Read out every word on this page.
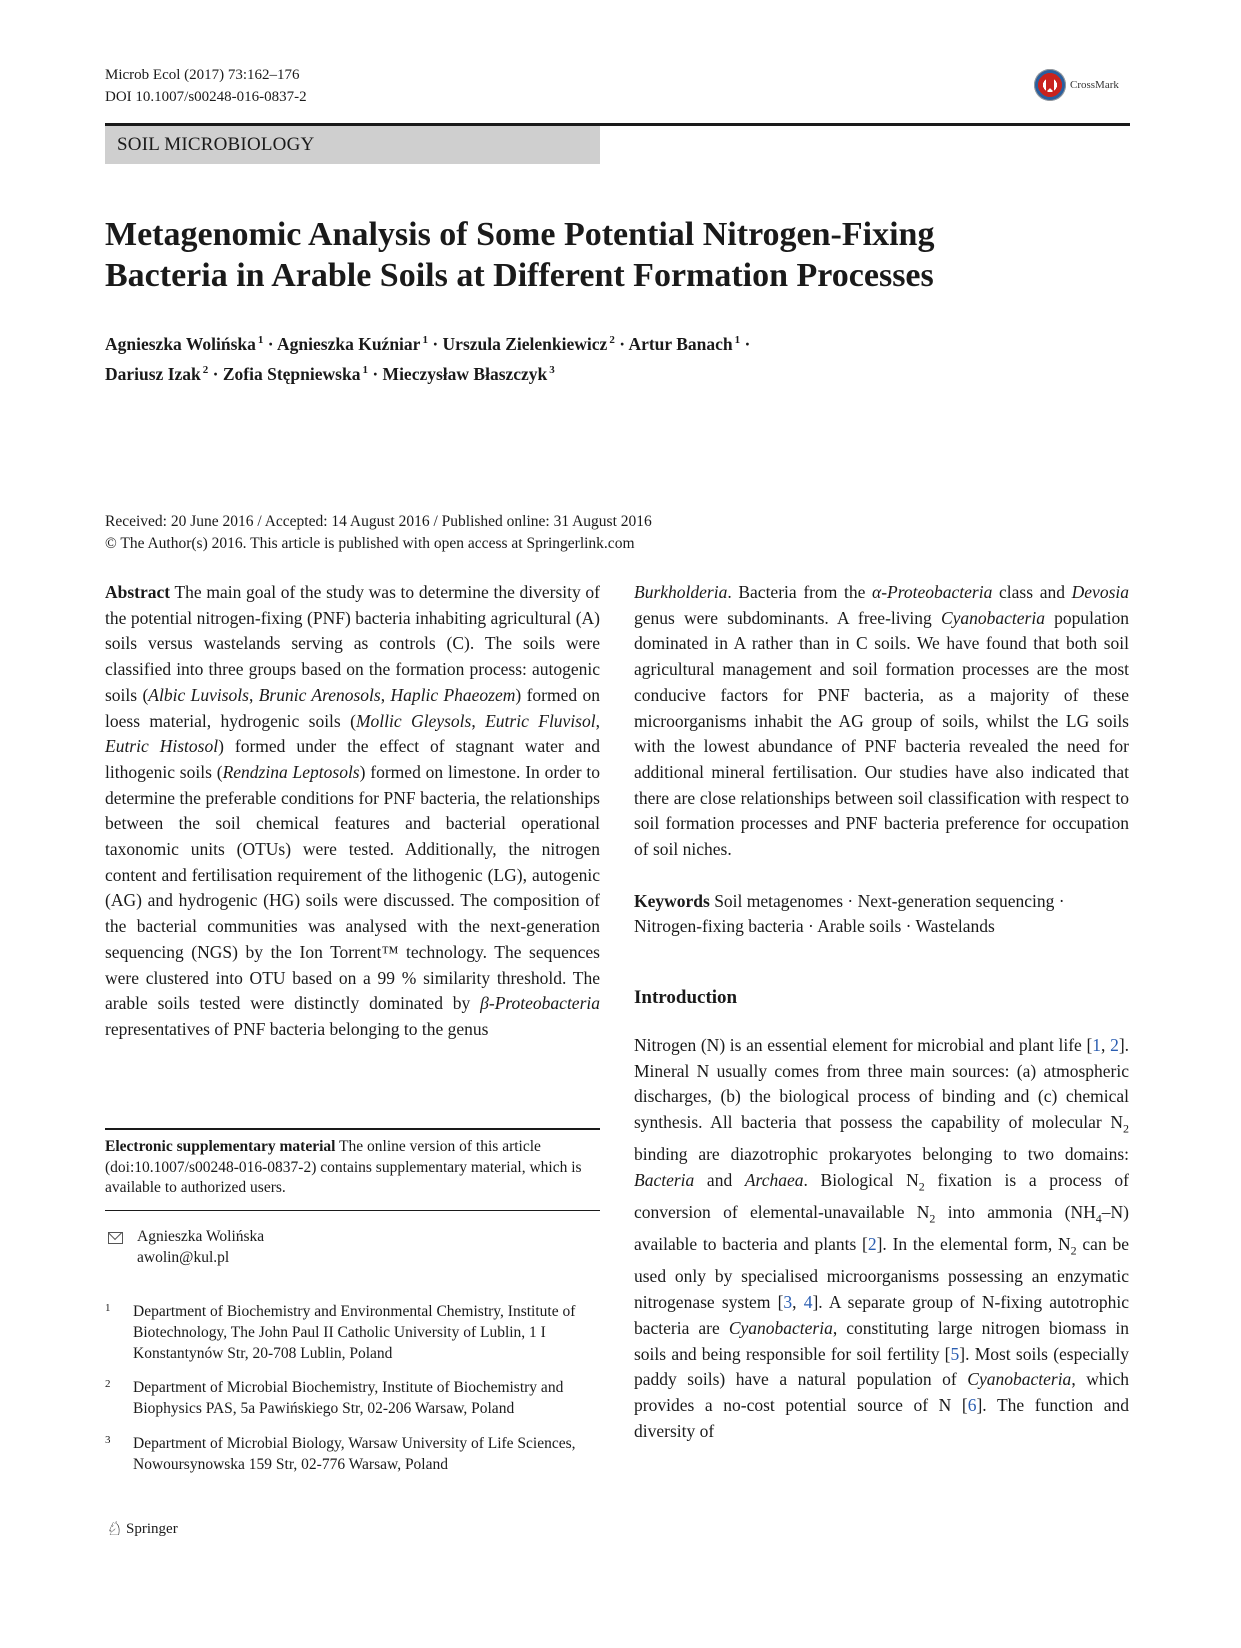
Microb Ecol (2017) 73:162–176
DOI 10.1007/s00248-016-0837-2
CrossMark
SOIL MICROBIOLOGY
Metagenomic Analysis of Some Potential Nitrogen-Fixing
Bacteria in Arable Soils at Different Formation Processes
Agnieszka Wolińska $^1$ · Agnieszka Kuźniar $^1$ · Urszula Zielenkiewicz $^2$ · Artur Banach $^1$ ·
Dariusz Izak $^2$ · Zofia Stępniewska $^1$ · Mieczysław Błaszczyk $^3$
Received: 20 June 2016 / Accepted: 14 August 2016 / Published online: 31 August 2016
© The Author(s) 2016. This article is published with open access at Springerlink.com

Abstract The main goal of the study was to determine the diversity of the potential nitrogen-fixing (PNF) bacteria inhabiting agricultural (A) soils versus wastelands serving as controls (C). The soils were classified into three groups based on the formation process: autogenic soils (Albic Luvisols, Brunic Arenosols, Haplic Phaeozem) formed on loess material, hydrogenic soils (Mollic Gleysols, Eutric Fluvisol, Eutric Histosol) formed under the effect of stagnant water and lithogenic soils (Rendzina Leptosols) formed on limestone. In order to determine the preferable conditions for PNF bacteria, the relationships between the soil chemical features and bacterial operational taxonomic units (OTUs) were tested. Additionally, the nitrogen content and fertilisation requirement of the lithogenic (LG), autogenic (AG) and hydrogenic (HG) soils were discussed. The composition of the bacterial communities was analysed with the next-generation sequencing (NGS) by the Ion Torrent™ technology. The sequences were clustered into OTU based on a 99 % similarity threshold. The arable soils tested were distinctly dominated by β-Proteobacteria representatives of PNF bacteria belonging to the genus

Burkholderia. Bacteria from the α-Proteobacteria class and Devosia genus were subdominants. A free-living Cyanobacteria population dominated in A rather than in C soils. We have found that both soil agricultural management and soil formation processes are the most conducive factors for PNF bacteria, as a majority of these microorganisms inhabit the AG group of soils, whilst the LG soils with the lowest abundance of PNF bacteria revealed the need for additional mineral fertilisation. Our studies have also indicated that there are close relationships between soil classification with respect to soil formation processes and PNF bacteria preference for occupation of soil niches.

Keywords Soil metagenomes · Next-generation sequencing · Nitrogen-fixing bacteria · Arable soils · Wastelands

Introduction

Nitrogen (N) is an essential element for microbial and plant life [1, 2]. Mineral N usually comes from three main sources: (a) atmospheric discharges, (b) the biological process of binding and (c) chemical synthesis. All bacteria that possess the capability of molecular $N_2$ binding are diazotrophic prokaryotes belonging to two domains: Bacteria and Archaea. Biological $N_2$ fixation is a process of conversion of elemental-unavailable $N_2$ into ammonia $(NH_4-N)$ available to bacteria and plants [2]. In the elemental form, $N_2$ can be used only by specialised microorganisms possessing an enzymatic nitrogenase system [3, 4]. A separate group of N-fixing autotrophic bacteria are Cyanobacteria, constituting large nitrogen biomass in soils and being responsible for soil fertility [5]. Most soils (especially paddy soils) have a natural population of Cyanobacteria, which provides a no-cost potential source of N [6]. The function and diversity of

Electronic supplementary material The online version of this article (doi:10.1007/s00248-016-0837-2) contains supplementary material, which is available to authorized users.
Agnieszka Wolińska
awolin@kul.pl
1	Department of Biochemistry and Environmental Chemistry, Institute of Biotechnology, The John Paul II Catholic University of Lublin, 1 I Konstantynów Str, 20-708 Lublin, Poland
2	Department of Microbial Biochemistry, Institute of Biochemistry and Biophysics PAS, 5a Pawińskiego Str, 02-206 Warsaw, Poland
3	Department of Microbial Biology, Warsaw University of Life Sciences, Nowoursynowska 159 Str, 02-776 Warsaw, Poland
♘ Springer
